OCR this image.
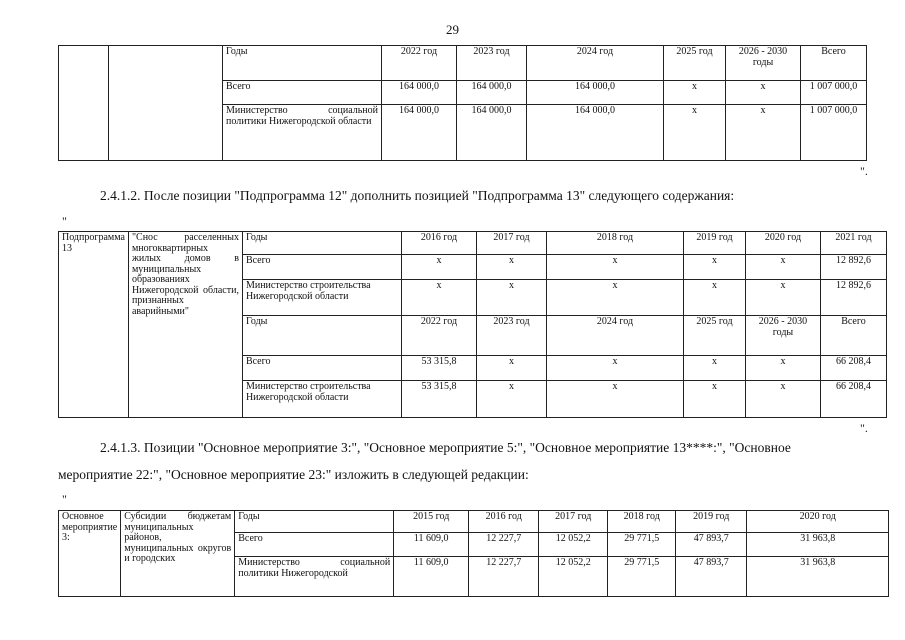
29
		Годы	2022 год	2023 год	2024 год	2025 год	2026 - 2030 годы	Всего
		Всего	164 000,0	164 000,0	164 000,0	x	x	1 007 000,0
		Министерство социальной политики Нижегородской области	164 000,0	164 000,0	164 000,0	x	x	1 007 000,0
".
2.4.1.2. После позиции "Подпрограмма 12" дополнить позицией "Подпрограмма 13" следующего содержания:
"
Подпрограмма 13	"Снос расселенных многоквартирных жилых домов в муниципальных образованиях Нижегородской области, признанных аварийными"	Годы	2016 год	2017 год	2018 год	2019 год	2020 год	2021 год
		Всего	x	x	x	x	x	12 892,6
		Министерство строительства Нижегородской области	x	x	x	x	x	12 892,6
		Годы	2022 год	2023 год	2024 год	2025 год	2026 - 2030 годы	Всего
		Всего	53 315,8	x	x	x	x	66 208,4
		Министерство строительства Нижегородской области	53 315,8	x	x	x	x	66 208,4
".
2.4.1.3. Позиции "Основное мероприятие 3:", "Основное мероприятие 5:", "Основное мероприятие 13****:", "Основное
мероприятие 22:", "Основное мероприятие 23:" изложить в следующей редакции:
"
Основное мероприятие 3:	Субсидии бюджетам муниципальных районов, муниципальных округов и городских	Годы	2015 год	2016 год	2017 год	2018 год	2019 год	2020 год
		Всего	11 609,0	12 227,7	12 052,2	29 771,5	47 893,7	31 963,8
		Министерство социальной политики Нижегородской	11 609,0	12 227,7	12 052,2	29 771,5	47 893,7	31 963,8
